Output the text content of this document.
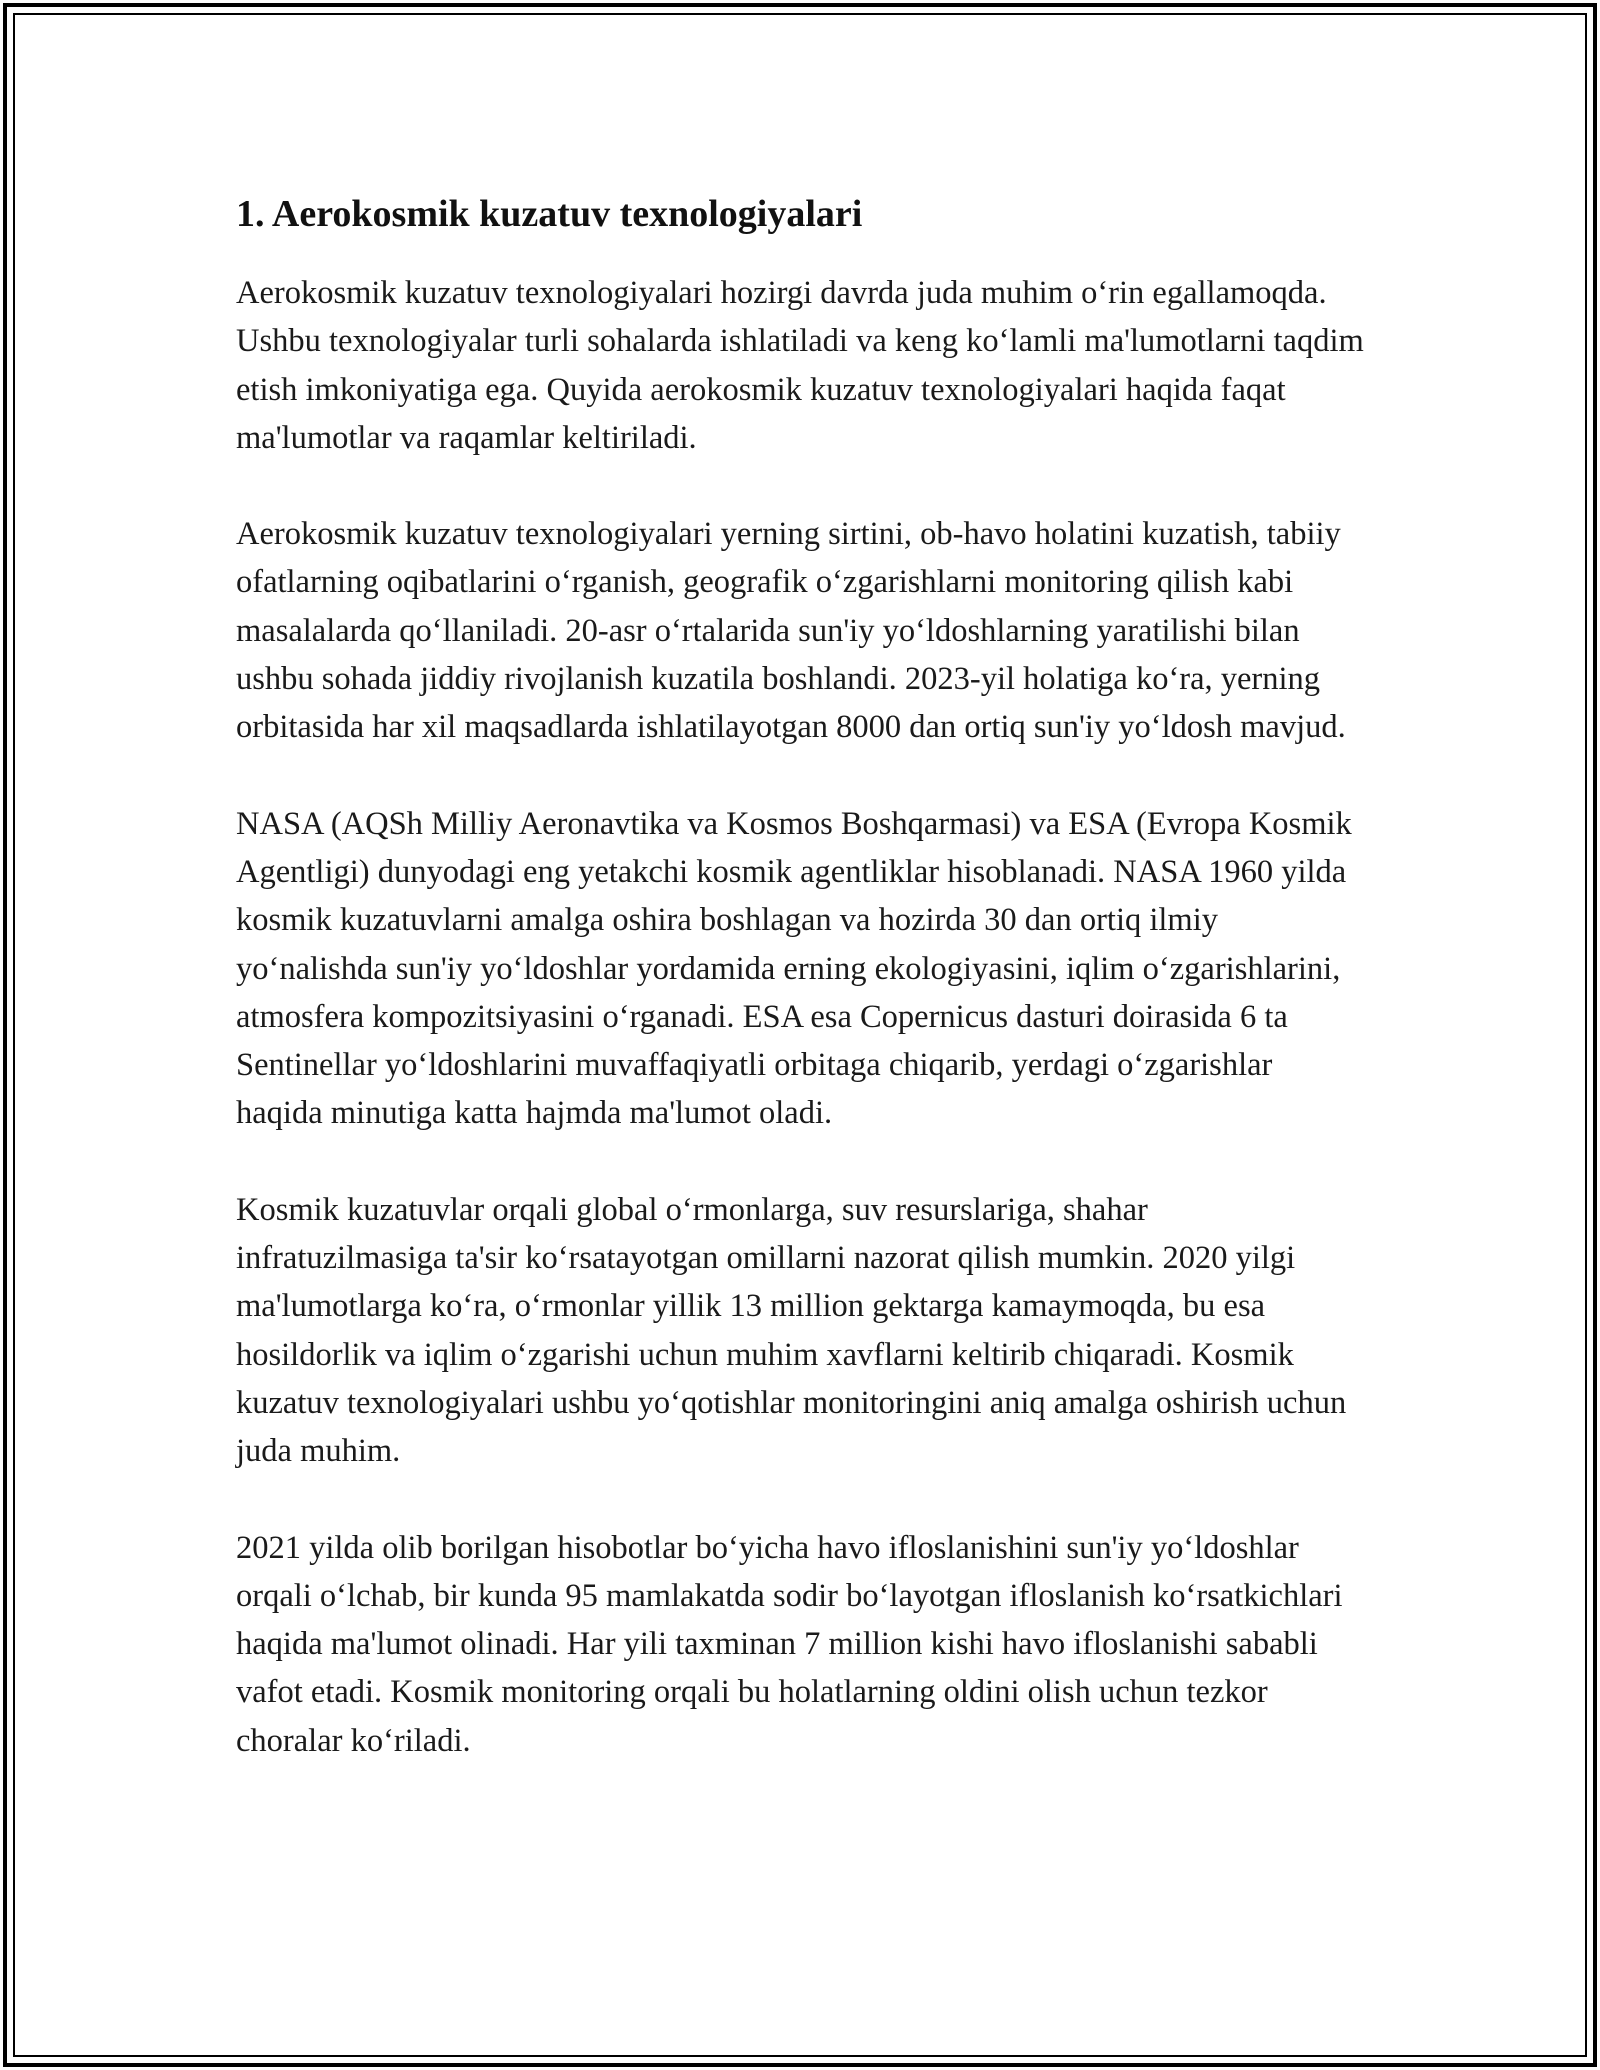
1. Aerokosmik kuzatuv texnologiyalari

Aerokosmik kuzatuv texnologiyalari hozirgi davrda juda muhim o‘rin egallamoqda. Ushbu texnologiyalar turli sohalarda ishlatiladi va keng ko‘lamli ma'lumotlarni taqdim etish imkoniyatiga ega. Quyida aerokosmik kuzatuv texnologiyalari haqida faqat ma'lumotlar va raqamlar keltiriladi.

Aerokosmik kuzatuv texnologiyalari yerning sirtini, ob-havo holatini kuzatish, tabiiy ofatlarning oqibatlarini o‘rganish, geografik o‘zgarishlarni monitoring qilish kabi masalalarda qo‘llaniladi. 20-asr o‘rtalarida sun'iy yo‘ldoshlarning yaratilishi bilan ushbu sohada jiddiy rivojlanish kuzatila boshlandi. 2023-yil holatiga ko‘ra, yerning orbitasida har xil maqsadlarda ishlatilayotgan 8000 dan ortiq sun'iy yo‘ldosh mavjud.

NASA (AQSh Milliy Aeronavtika va Kosmos Boshqarmasi) va ESA (Evropa Kosmik Agentligi) dunyodagi eng yetakchi kosmik agentliklar hisoblanadi. NASA 1960 yilda kosmik kuzatuvlarni amalga oshira boshlagan va hozirda 30 dan ortiq ilmiy yo‘nalishda sun'iy yo‘ldoshlar yordamida erning ekologiyasini, iqlim o‘zgarishlarini, atmosfera kompozitsiyasini o‘rganadi. ESA esa Copernicus dasturi doirasida 6 ta Sentinellar yo‘ldoshlarini muvaffaqiyatli orbitaga chiqarib, yerdagi o‘zgarishlar haqida minutiga katta hajmda ma'lumot oladi.

Kosmik kuzatuvlar orqali global o‘rmonlarga, suv resurslariga, shahar infratuzilmasiga ta'sir ko‘rsatayotgan omillarni nazorat qilish mumkin. 2020 yilgi ma'lumotlarga ko‘ra, o‘rmonlar yillik 13 million gektarga kamaymoqda, bu esa hosildorlik va iqlim o‘zgarishi uchun muhim xavflarni keltirib chiqaradi. Kosmik kuzatuv texnologiyalari ushbu yo‘qotishlar monitoringini aniq amalga oshirish uchun juda muhim.

2021 yilda olib borilgan hisobotlar bo‘yicha havo ifloslanishini sun'iy yo‘ldoshlar orqali o‘lchab, bir kunda 95 mamlakatda sodir bo‘layotgan ifloslanish ko‘rsatkichlari haqida ma'lumot olinadi. Har yili taxminan 7 million kishi havo ifloslanishi sababli vafot etadi. Kosmik monitoring orqali bu holatlarning oldini olish uchun tezkor choralar ko‘riladi.
